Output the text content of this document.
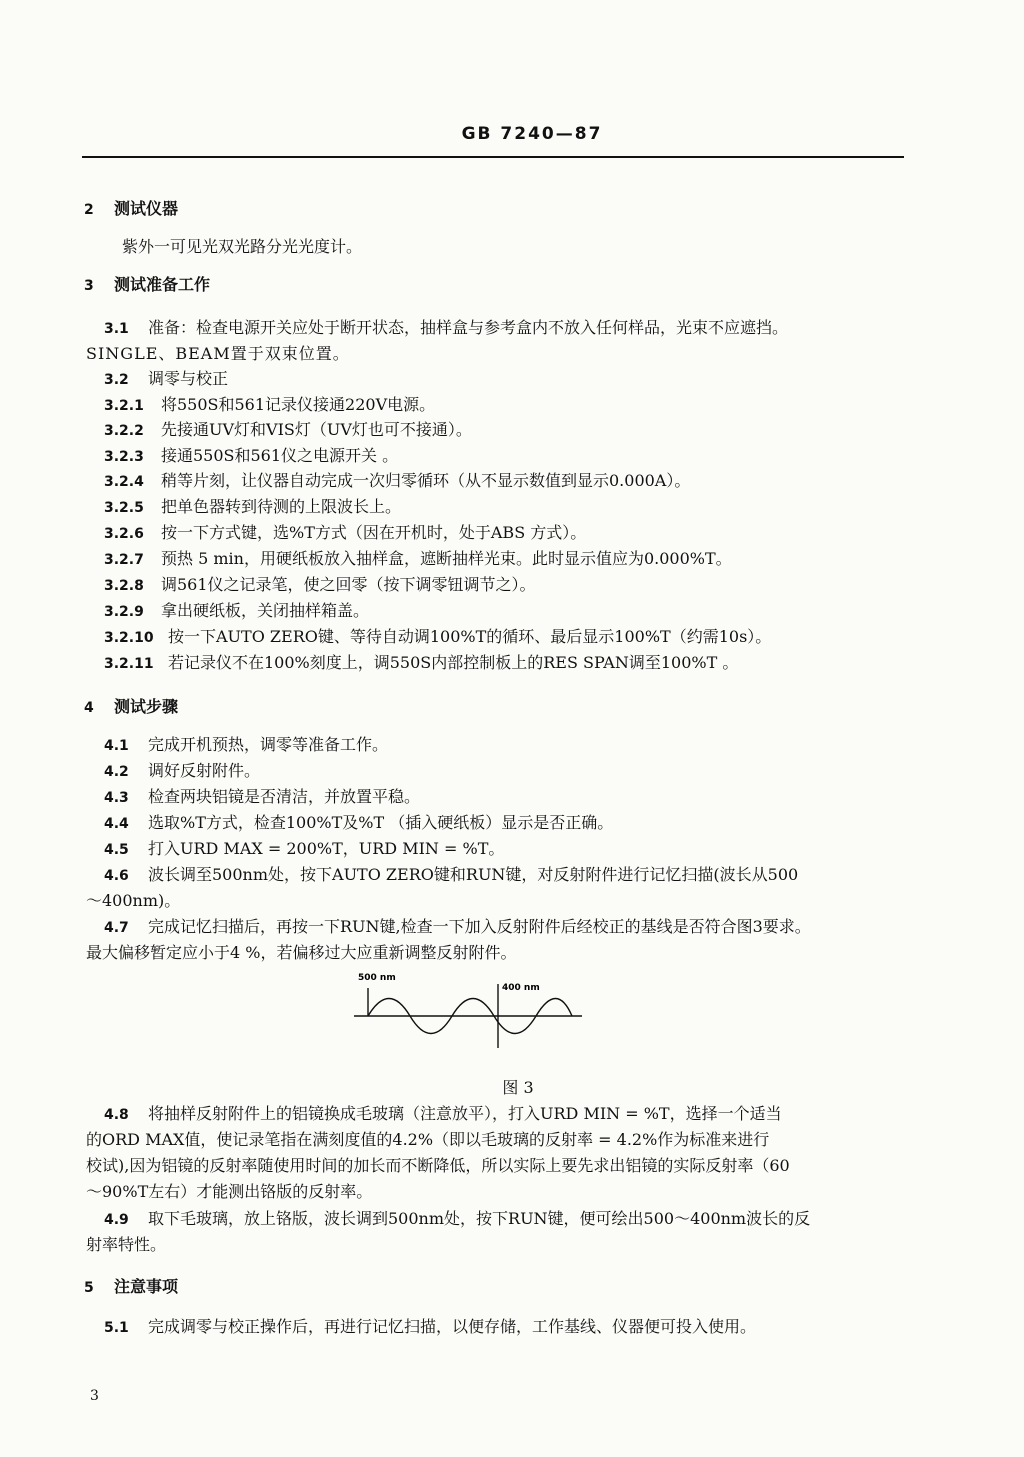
GB 7240—87
2 测试仪器
紫外一可见光双光路分光光度计。
3 测试准备工作
3.1 准备：检查电源开关应处于断开状态，抽样盒与参考盒内不放入任何样品，光束不应遮挡。
SINGLE、BEAM置于双束位置。
3.2 调零与校正
3.2.1 将550S和561记录仪接通220V电源。
3.2.2 先接通UV灯和VIS灯（UV灯也可不接通）。
3.2.3 接通550S和561仪之电源开关 。
3.2.4 稍等片刻，让仪器自动完成一次归零循环（从不显示数值到显示0.000A）。
3.2.5 把单色器转到待测的上限波长上。
3.2.6 按一下方式键，选%T方式（因在开机时，处于ABS 方式）。
3.2.7 预热 5 min，用硬纸板放入抽样盒，遮断抽样光束。此时显示值应为0.000%T。
3.2.8 调561仪之记录笔，使之回零（按下调零钮调节之）。
3.2.9 拿出硬纸板，关闭抽样箱盖。
3.2.10 按一下AUTO ZERO键、等待自动调100%T的循环、最后显示100%T（约需10s）。
3.2.11 若记录仪不在100%刻度上，调550S内部控制板上的RES SPAN调至100%T 。
4 测试步骤
4.1 完成开机预热，调零等准备工作。
4.2 调好反射附件。
4.3 检查两块铝镜是否清洁，并放置平稳。
4.4 选取%T方式，检查100%T及%T （插入硬纸板）显示是否正确。
4.5 打入URD MAX = 200%T，URD MIN = %T。
4.6 波长调至500nm处，按下AUTO ZERO键和RUN键，对反射附件进行记忆扫描(波长从500
～400nm)。
4.7 完成记忆扫描后，再按一下RUN键,检查一下加入反射附件后经校正的基线是否符合图3要求。
最大偏移暂定应小于4 %，若偏移过大应重新调整反射附件。
500 nm
400 nm
图 3
4.8 将抽样反射附件上的铝镜换成毛玻璃（注意放平），打入URD MIN = %T，选择一个适当
的ORD MAX值，使记录笔指在满刻度值的4.2%（即以毛玻璃的反射率 = 4.2%作为标准来进行
校试),因为铝镜的反射率随使用时间的加长而不断降低，所以实际上要先求出铝镜的实际反射率（60
～90%T左右）才能测出铬版的反射率。
4.9 取下毛玻璃，放上铬版，波长调到500nm处，按下RUN键，便可绘出500～400nm波长的反
射率特性。
5 注意事项
5.1 完成调零与校正操作后，再进行记忆扫描，以便存储，工作基线、仪器便可投入使用。
3
